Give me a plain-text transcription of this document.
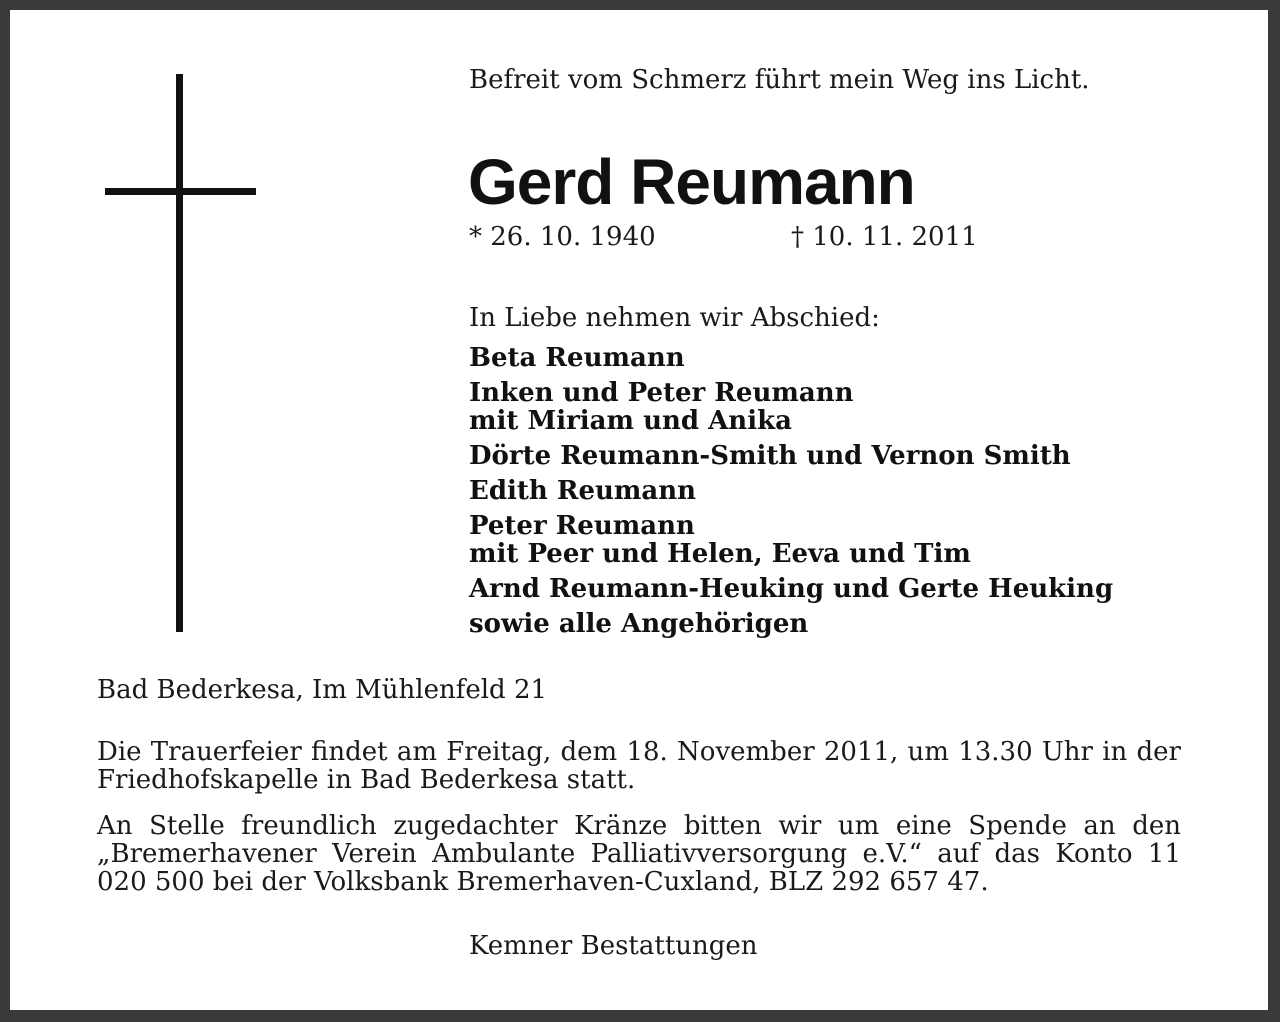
Befreit vom Schmerz führt mein Weg ins Licht.
Gerd Reumann
* 26. 10. 1940	† 10. 11. 2011
In Liebe nehmen wir Abschied:
Beta Reumann
Inken und Peter Reumann
mit Miriam und Anika
Dörte Reumann-Smith und Vernon Smith
Edith Reumann
Peter Reumann
mit Peer und Helen, Eeva und Tim
Arnd Reumann-Heuking und Gerte Heuking
sowie alle Angehörigen
Bad Bederkesa, Im Mühlenfeld 21

Die Trauerfeier findet am Freitag, dem 18. November 2011, um 13.30 Uhr in der Friedhofskapelle in Bad Bederkesa statt.

An Stelle freundlich zugedachter Kränze bitten wir um eine Spende an den „Bremerhavener Verein Ambulante Palliativversorgung e.V.“ auf das Konto 11 020 500 bei der Volksbank Bremerhaven-Cuxland, BLZ 292 657 47.

Kemner Bestattungen
